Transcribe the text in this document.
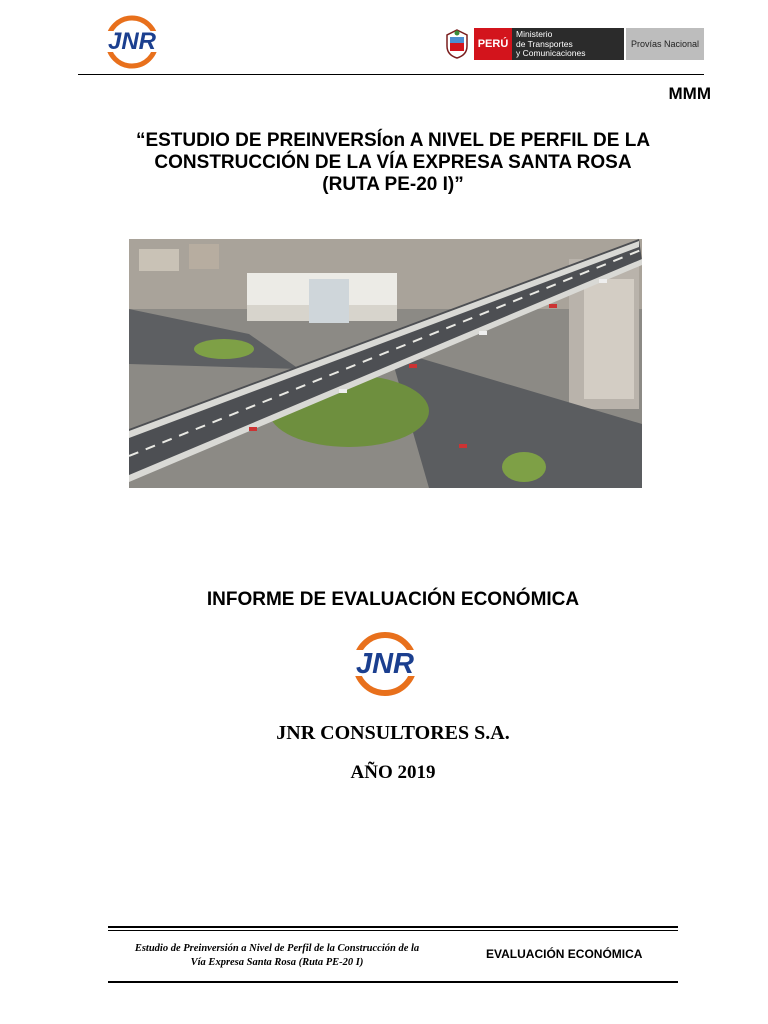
JNR	PERÚ
Ministerio
de Transportes
y Comunicaciones
Provías Nacional
MMM
“ESTUDIO DE PREINVERSÍon A NIVEL DE PERFIL DE LA
CONSTRUCCIÓN DE LA VÍA EXPRESA SANTA ROSA
(RUTA PE-20 I)”
INFORME DE EVALUACIÓN ECONÓMICA
JNR
JNR CONSULTORES S.A.
AÑO 2019
Estudio de Preinversión a Nivel de Perfil de la Construcción de la
Vía Expresa Santa Rosa (Ruta PE-20 I)
EVALUACIÓN ECONÓMICA
